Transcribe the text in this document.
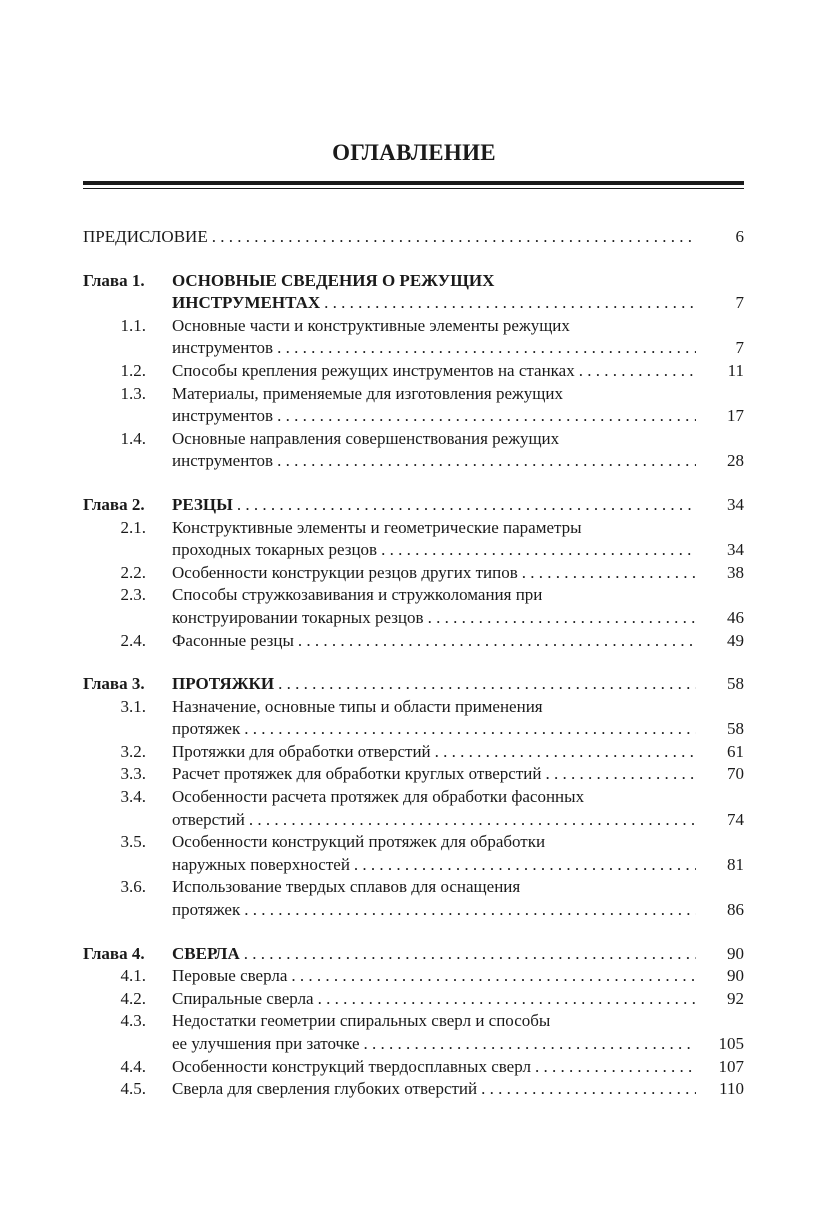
ОГЛАВЛЕНИЕ
ПРЕДИСЛОВИЕ . . .	6
Глава 1.	ОСНОВНЫЕ СВЕДЕНИЯ О РЕЖУЩИХ
ИНСТРУМЕНТАХ . . .	7
1.1.	Основные части и конструктивные элементы режущих
инструментов . . .	7
1.2.	Способы крепления режущих инструментов на станках . . .	11
1.3.	Материалы, применяемые для изготовления режущих
инструментов . . .	17
1.4.	Основные направления совершенствования режущих
инструментов . . .	28
Глава 2.	РЕЗЦЫ . . .	34
2.1.	Конструктивные элементы и геометрические параметры
проходных токарных резцов . . .	34
2.2.	Особенности конструкции резцов других типов . . .	38
2.3.	Способы стружкозавивания и стружколомания при
конструировании токарных резцов . . .	46
2.4.	Фасонные резцы . . .	49
Глава 3.	ПРОТЯЖКИ . . .	58
3.1.	Назначение, основные типы и области применения
протяжек . . .	58
3.2.	Протяжки для обработки отверстий . . .	61
3.3.	Расчет протяжек для обработки круглых отверстий . . .	70
3.4.	Особенности расчета протяжек для обработки фасонных
отверстий . . .	74
3.5.	Особенности конструкций протяжек для обработки
наружных поверхностей . . .	81
3.6.	Использование твердых сплавов для оснащения
протяжек . . .	86
Глава 4.	СВЕРЛА . . .	90
4.1.	Перовые сверла . . .	90
4.2.	Спиральные сверла . . .	92
4.3.	Недостатки геометрии спиральных сверл и способы
ее улучшения при заточке . . .	105
4.4.	Особенности конструкций твердосплавных сверл . . .	107
4.5.	Сверла для сверления глубоких отверстий . . .	110
